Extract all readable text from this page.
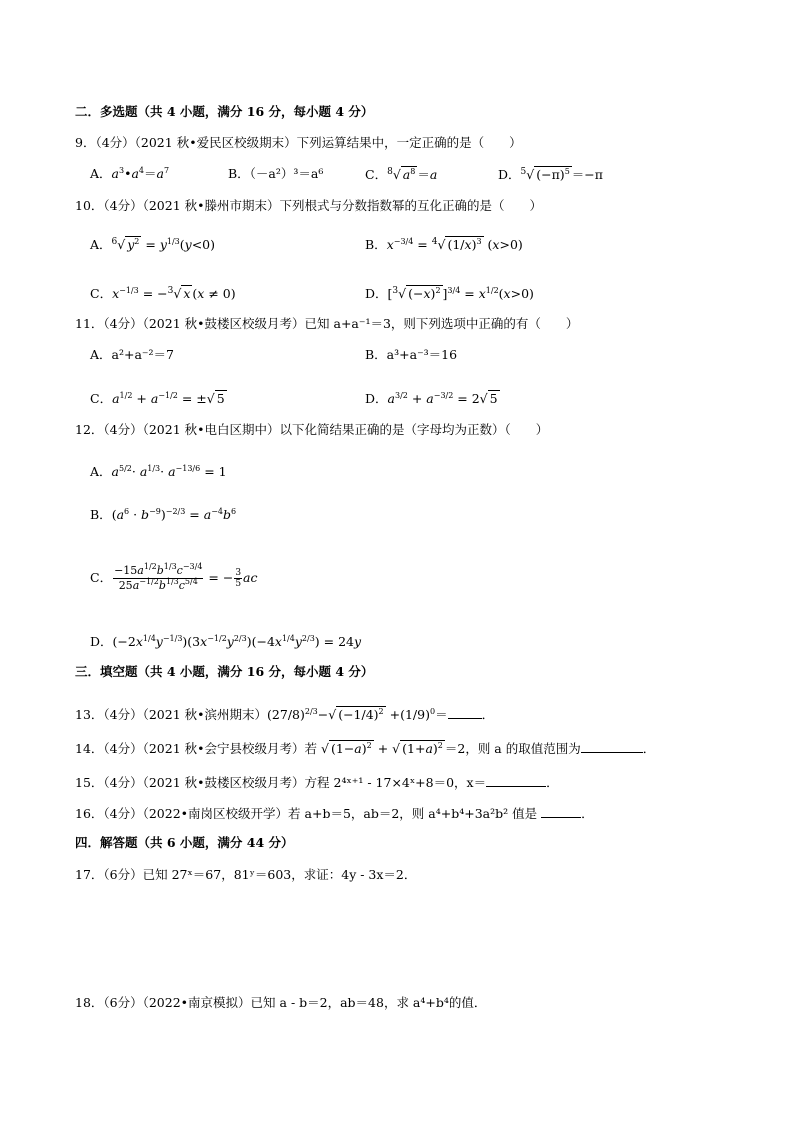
二．多选题（共 4 小题，满分 16 分，每小题 4 分）
9．（4分）（2021 秋•爱民区校级期末）下列运算结果中，一定正确的是（　　）
A．$a^3•a^4=a^7$	B．（－a²）³＝a⁶	C．$^8$√ $a^8 =a$	D．$^5$√ $(-\pi)^5 =-\pi$
10．（4分）（2021 秋•滕州市期末）下列根式与分数指数幂的互化正确的是（　　）
A．$^6$√ $y^2 = y^{1/3}(y<0)$	B．$x^{-3/4} = ^4√$ $(1/x)^3$ (x>0)
C．$x^{-1/3} = -^3√$ x (x ≠ 0)	D．[$^3$√ $(-x)^2$ ]$^{3/4} = x^{1/2}(x>0)$
11．（4分）（2021 秋•鼓楼区校级月考）已知 a+a⁻¹＝3，则下列选项中正确的有（　　）
A．a²+a⁻²＝7	B．a³+a⁻³＝16
C．$a^{1/2} + a^{-1/2}$ = ±√ 5	D．$a^{3/2} + a^{-3/2} = 2√$ 5
12．（4分）（2021 秋•电白区期中）以下化简结果正确的是（字母均为正数）（　　）
A．$a^{5/2}\cdot a^{1/3}\cdot a^{-13/6} = 1$
B．$(a^6 \cdot b^{-9})^{-2/3} = a^{-4}b^6$
C． $\frac{-15a^{1/2}b^{1/3}c^{-3/4}}{25a^{-1/2}b^{1/3}c^{5/4}}$ = − $\frac{3}{5}$ ac
D．$(-2x^{1/4}y^{-1/3})(3x^{-1/2}y^{2/3})(-4x^{1/4}y^{2/3}) = 24y$
三．填空题（共 4 小题，满分 16 分，每小题 4 分）
13．（4分）（2021 秋•滨州期末）$(27/8)^{2/3}-√$ $(-1/4)^2 +(1/9)^0=$	．
14．（4分）（2021 秋•会宁县校级月考）若 √ $(1-a)^2$ + √ $(1+a)^2 =2$，则 a 的取值范围为	．
15．（4分）（2021 秋•鼓楼区校级月考）方程 2⁴ˣ⁺¹ ‐ 17×4ˣ+8＝0，x＝	．
16．（4分）（2022•南岗区校级开学）若 a+b＝5，ab＝2，则 a⁴+b⁴+3a²b² 值是	．
四．解答题（共 6 小题，满分 44 分）
17．（6分）已知 27ˣ＝67，81ʸ＝603，求证：4y ‐ 3x＝2．
18．（6分）（2022•南京模拟）已知 a ‐ b＝2，ab＝48，求 a⁴+b⁴的值．
